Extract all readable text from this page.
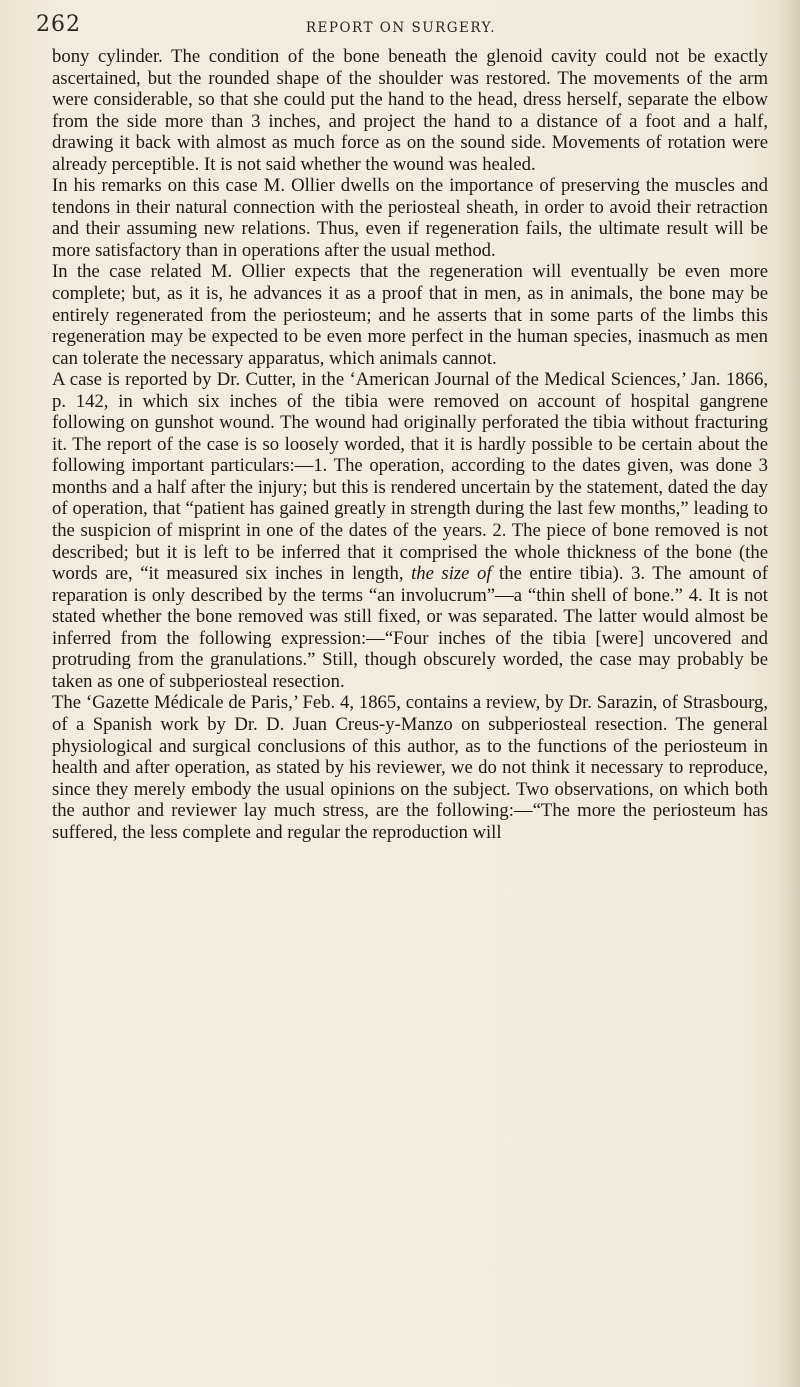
262	REPORT ON SURGERY.

bony cylinder. The condition of the bone beneath the glenoid cavity could not be exactly ascertained, but the rounded shape of the shoulder was restored. The movements of the arm were considerable, so that she could put the hand to the head, dress herself, separate the elbow from the side more than 3 inches, and project the hand to a distance of a foot and a half, drawing it back with almost as much force as on the sound side. Movements of rotation were already perceptible. It is not said whether the wound was healed.

In his remarks on this case M. Ollier dwells on the importance of preserving the muscles and tendons in their natural connection with the periosteal sheath, in order to avoid their retraction and their assuming new relations. Thus, even if regeneration fails, the ultimate result will be more satisfactory than in operations after the usual method.

In the case related M. Ollier expects that the regeneration will eventually be even more complete; but, as it is, he advances it as a proof that in men, as in animals, the bone may be entirely regenerated from the periosteum; and he asserts that in some parts of the limbs this regeneration may be expected to be even more perfect in the human species, inasmuch as men can tolerate the necessary apparatus, which animals cannot.

A case is reported by Dr. Cutter, in the ‘American Journal of the Medical Sciences,’ Jan. 1866, p. 142, in which six inches of the tibia were removed on account of hospital gangrene following on gunshot wound. The wound had originally perforated the tibia without fracturing it. The report of the case is so loosely worded, that it is hardly possible to be certain about the following important particulars:—1. The operation, according to the dates given, was done 3 months and a half after the injury; but this is rendered uncertain by the statement, dated the day of operation, that “patient has gained greatly in strength during the last few months,” leading to the suspicion of misprint in one of the dates of the years. 2. The piece of bone removed is not described; but it is left to be inferred that it comprised the whole thickness of the bone (the words are, “it measured six inches in length, the size of the entire tibia). 3. The amount of reparation is only described by the terms “an involucrum”—a “thin shell of bone.” 4. It is not stated whether the bone removed was still fixed, or was separated. The latter would almost be inferred from the following expression:—“Four inches of the tibia [were] uncovered and protruding from the granulations.” Still, though obscurely worded, the case may probably be taken as one of subperiosteal resection.

The ‘Gazette Médicale de Paris,’ Feb. 4, 1865, contains a review, by Dr. Sarazin, of Strasbourg, of a Spanish work by Dr. D. Juan Creus-y-Manzo on subperiosteal resection. The general physiological and surgical conclusions of this author, as to the functions of the periosteum in health and after operation, as stated by his reviewer, we do not think it necessary to reproduce, since they merely embody the usual opinions on the subject. Two observations, on which both the author and reviewer lay much stress, are the following:—“The more the periosteum has suffered, the less complete and regular the reproduction will
